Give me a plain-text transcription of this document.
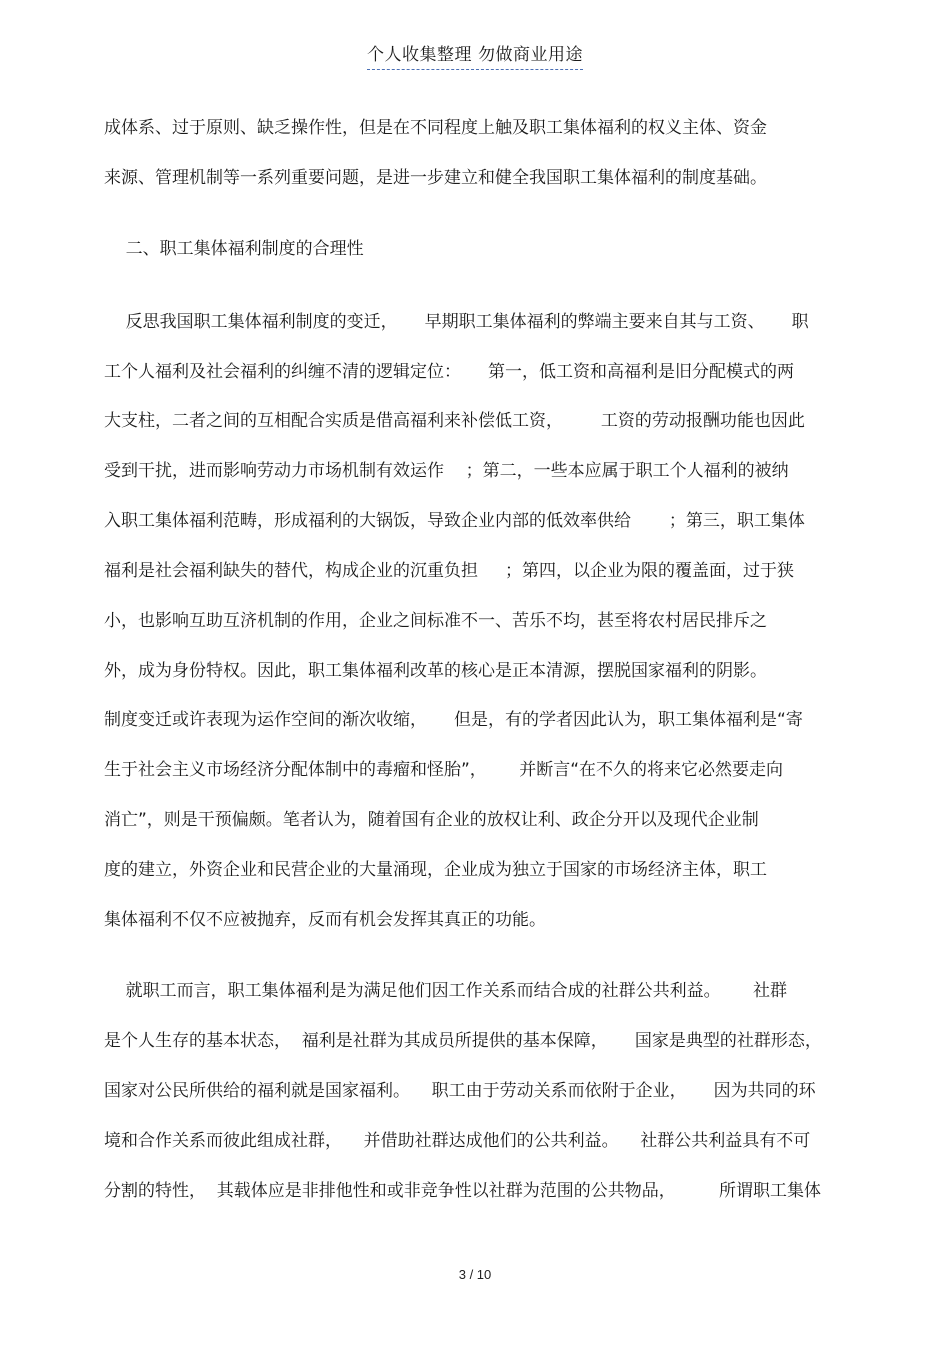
个人收集整理 勿做商业用途
成体系、过于原则、缺乏操作性，但是在不同程度上触及职工集体福利的权义主体、资金
来源、管理机制等一系列重要问题，是进一步建立和健全我国职工集体福利的制度基础。
二、职工集体福利制度的合理性
反思我国职工集体福利制度的变迁，     早期职工集体福利的弊端主要来自其与工资、     职
工个人福利及社会福利的纠缠不清的逻辑定位：     第一，低工资和高福利是旧分配模式的两
大支柱，二者之间的互相配合实质是借高福利来补偿低工资，       工资的劳动报酬功能也因此
受到干扰，进而影响劳动力市场机制有效运作    ；第二，一些本应属于职工个人福利的被纳
入职工集体福利范畴，形成福利的大锅饭，导致企业内部的低效率供给       ；第三，职工集体
福利是社会福利缺失的替代，构成企业的沉重负担     ；第四，以企业为限的覆盖面，过于狭
小，也影响互助互济机制的作用，企业之间标准不一、苦乐不均，甚至将农村居民排斥之
外，成为身份特权。因此，职工集体福利改革的核心是正本清源，摆脱国家福利的阴影。
制度变迁或许表现为运作空间的渐次收缩，     但是，有的学者因此认为，职工集体福利是“寄
生于社会主义市场经济分配体制中的毒瘤和怪胎”，      并断言“在不久的将来它必然要走向
消亡”，则是干预偏颇。笔者认为，随着国有企业的放权让利、政企分开以及现代企业制
度的建立，外资企业和民营企业的大量涌现，企业成为独立于国家的市场经济主体，职工
集体福利不仅不应被抛弃，反而有机会发挥其真正的功能。
就职工而言，职工集体福利是为满足他们因工作关系而结合成的社群公共利益。      社群
是个人生存的基本状态，  福利是社群为其成员所提供的基本保障，     国家是典型的社群形态，
国家对公民所供给的福利就是国家福利。    职工由于劳动关系而依附于企业，     因为共同的环
境和合作关系而彼此组成社群，    并借助社群达成他们的公共利益。    社群公共利益具有不可
分割的特性，  其载体应是非排他性和或非竞争性以社群为范围的公共物品，        所谓职工集体
3 / 10
